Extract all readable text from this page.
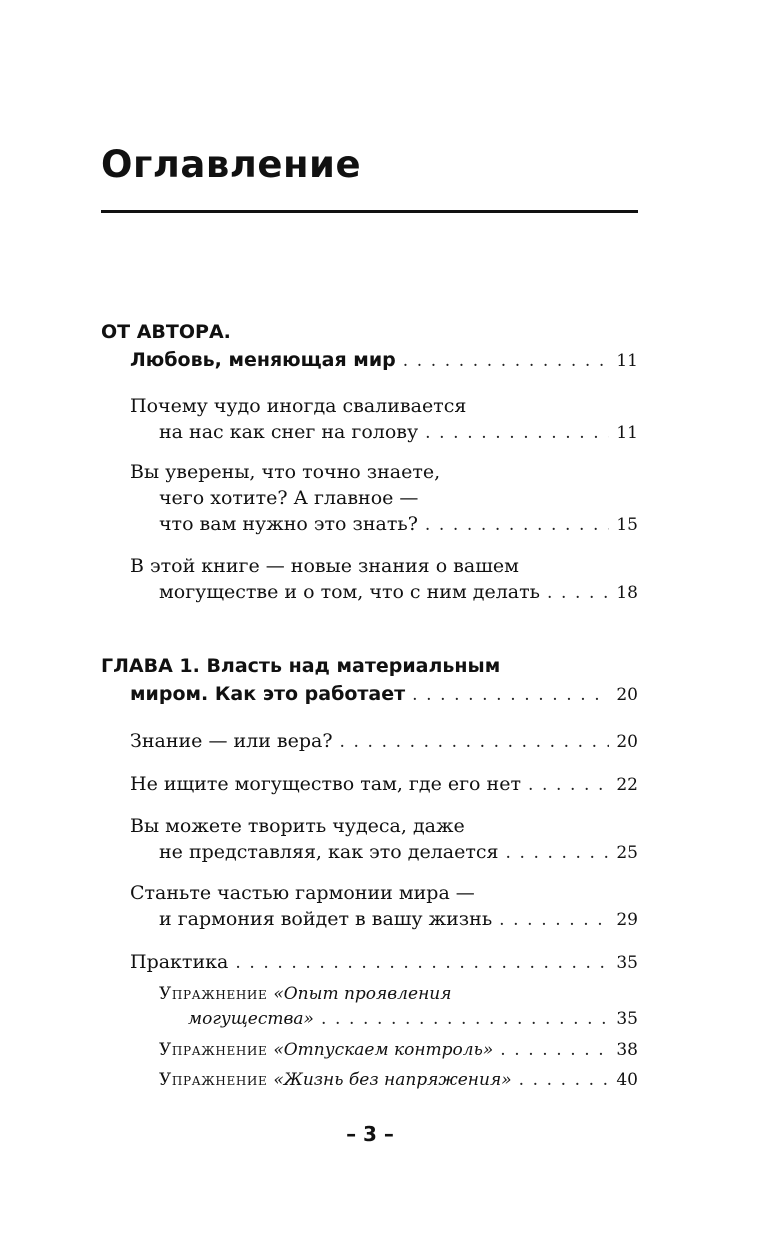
Оглавление
ОТ АВТОРА.
Любовь, меняющая мир . . .	11
Почему чудо иногда сваливается
на нас как снег на голову . . .	11
Вы уверены, что точно знаете,
чего хотите? А главное —
что вам нужно это знать? . . .	15
В этой книге — новые знания о вашем
могуществе и о том, что с ним делать . . .	18
ГЛАВА 1. Власть над материальным
миром. Как это работает . . .	20
Знание — или вера? . . .	20
Не ищите могущество там, где его нет . . .	22
Вы можете творить чудеса, даже
не представляя, как это делается . . .	25
Станьте частью гармонии мира —
и гармония войдет в вашу жизнь . . .	29
Практика . . .	35
Упражнение «Опыт проявления
могущества» . . .	35
Упражнение «Отпускаем контроль» . . .	38
Упражнение «Жизнь без напряжения» . . .	40
– 3 –
